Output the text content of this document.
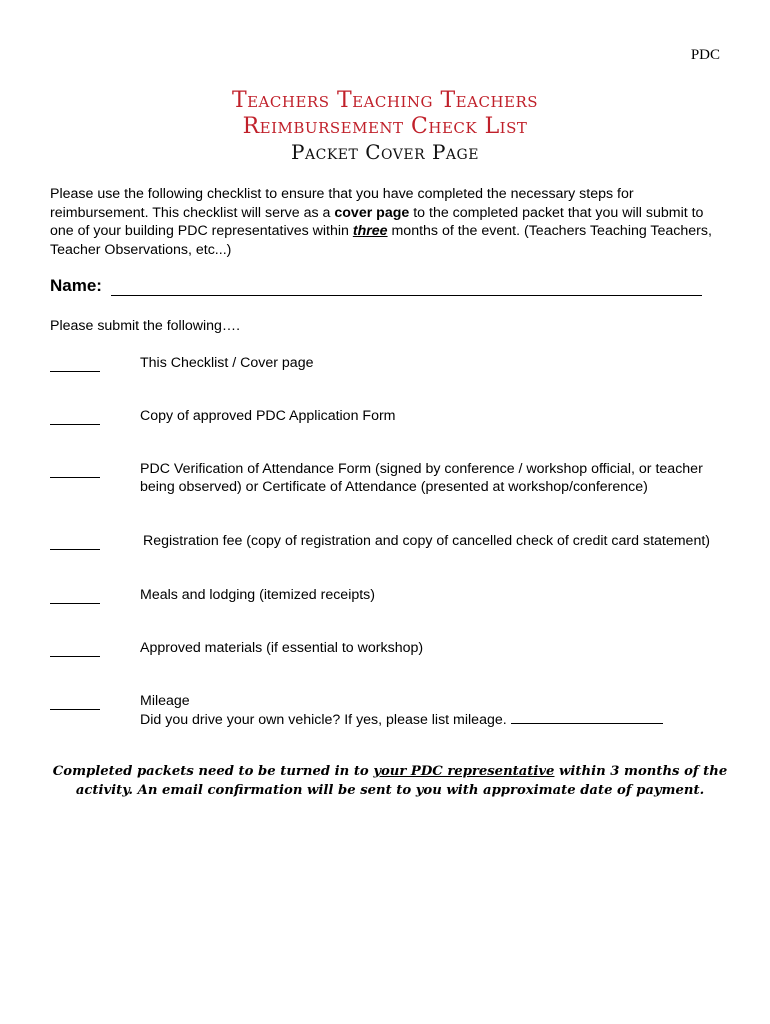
PDC
Teachers Teaching Teachers
Reimbursement Check List
Packet Cover Page
Please use the following checklist to ensure that you have completed the necessary steps for reimbursement. This checklist will serve as a cover page to the completed packet that you will submit to one of your building PDC representatives within three months of the event. (Teachers Teaching Teachers, Teacher Observations, etc...)
Name:
Please submit the following….
This Checklist / Cover page
Copy of approved PDC Application Form
PDC Verification of Attendance Form (signed by conference / workshop official, or teacher being observed) or Certificate of Attendance (presented at workshop/conference)
Registration fee (copy of registration and copy of cancelled check of credit card statement)
Meals and lodging (itemized receipts)
Approved materials (if essential to workshop)
Mileage
Did you drive your own vehicle? If yes, please list mileage.
Completed packets need to be turned in to your PDC representative within 3 months of the activity. An email confirmation will be sent to you with approximate date of payment.
